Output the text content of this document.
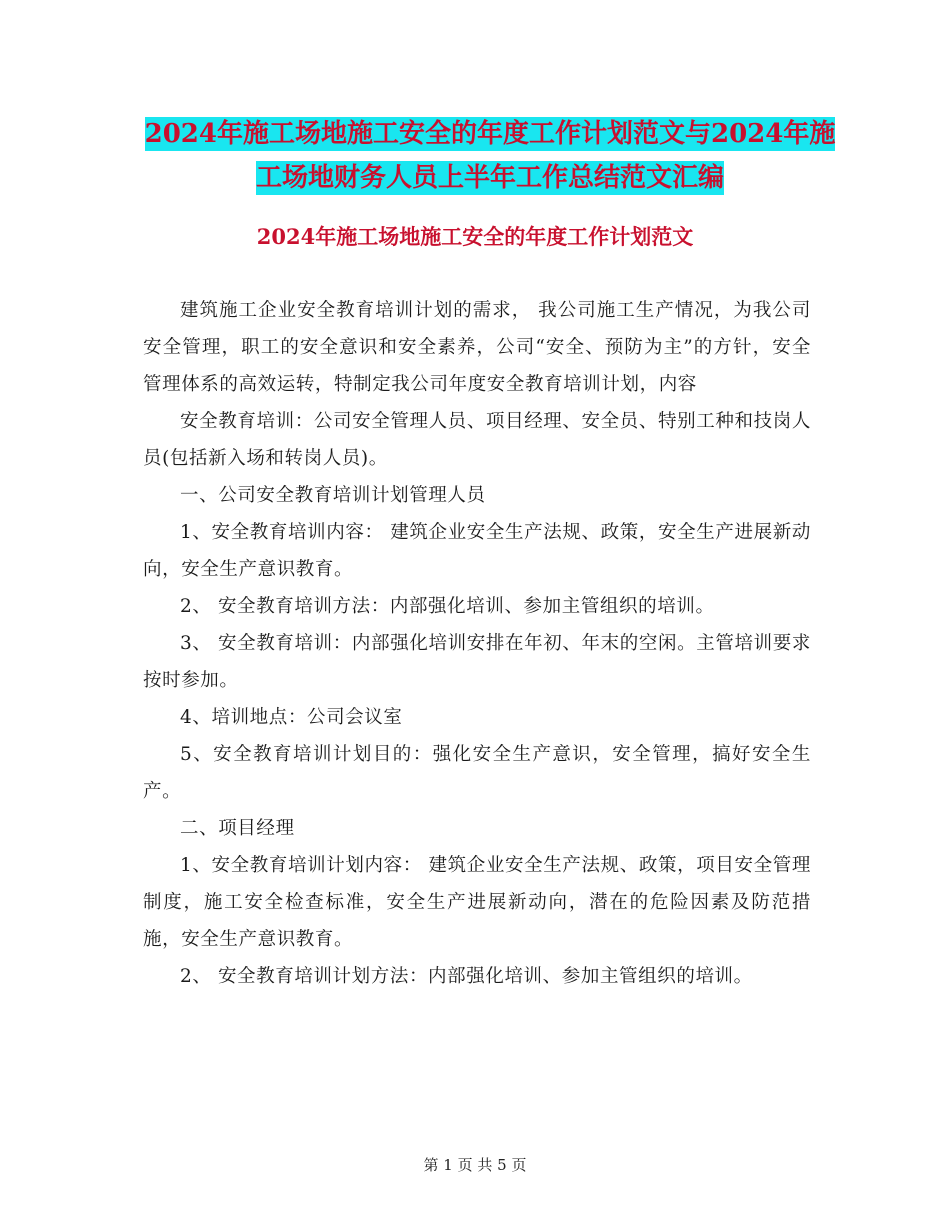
2024年施工场地施工安全的年度工作计划范文与2024年施工场地财务人员上半年工作总结范文汇编
2024年施工场地施工安全的年度工作计划范文

建筑施工企业安全教育培训计划的需求， 我公司施工生产情况，为我公司安全管理，职工的安全意识和安全素养，公司“安全、预防为主”的方针，安全管理体系的高效运转，特制定我公司年度安全教育培训计划，内容

安全教育培训：公司安全管理人员、项目经理、安全员、特别工种和技岗人员(包括新入场和转岗人员)。

一、公司安全教育培训计划管理人员

1、安全教育培训内容： 建筑企业安全生产法规、政策，安全生产进展新动向，安全生产意识教育。

2、 安全教育培训方法：内部强化培训、参加主管组织的培训。

3、 安全教育培训：内部强化培训安排在年初、年末的空闲。主管培训要求按时参加。

4、培训地点：公司会议室

5、安全教育培训计划目的：强化安全生产意识，安全管理，搞好安全生产。

二、项目经理

1、安全教育培训计划内容： 建筑企业安全生产法规、政策，项目安全管理制度，施工安全检查标准，安全生产进展新动向，潜在的危险因素及防范措施，安全生产意识教育。

2、 安全教育培训计划方法：内部强化培训、参加主管组织的培训。

第 1 页 共 5 页
